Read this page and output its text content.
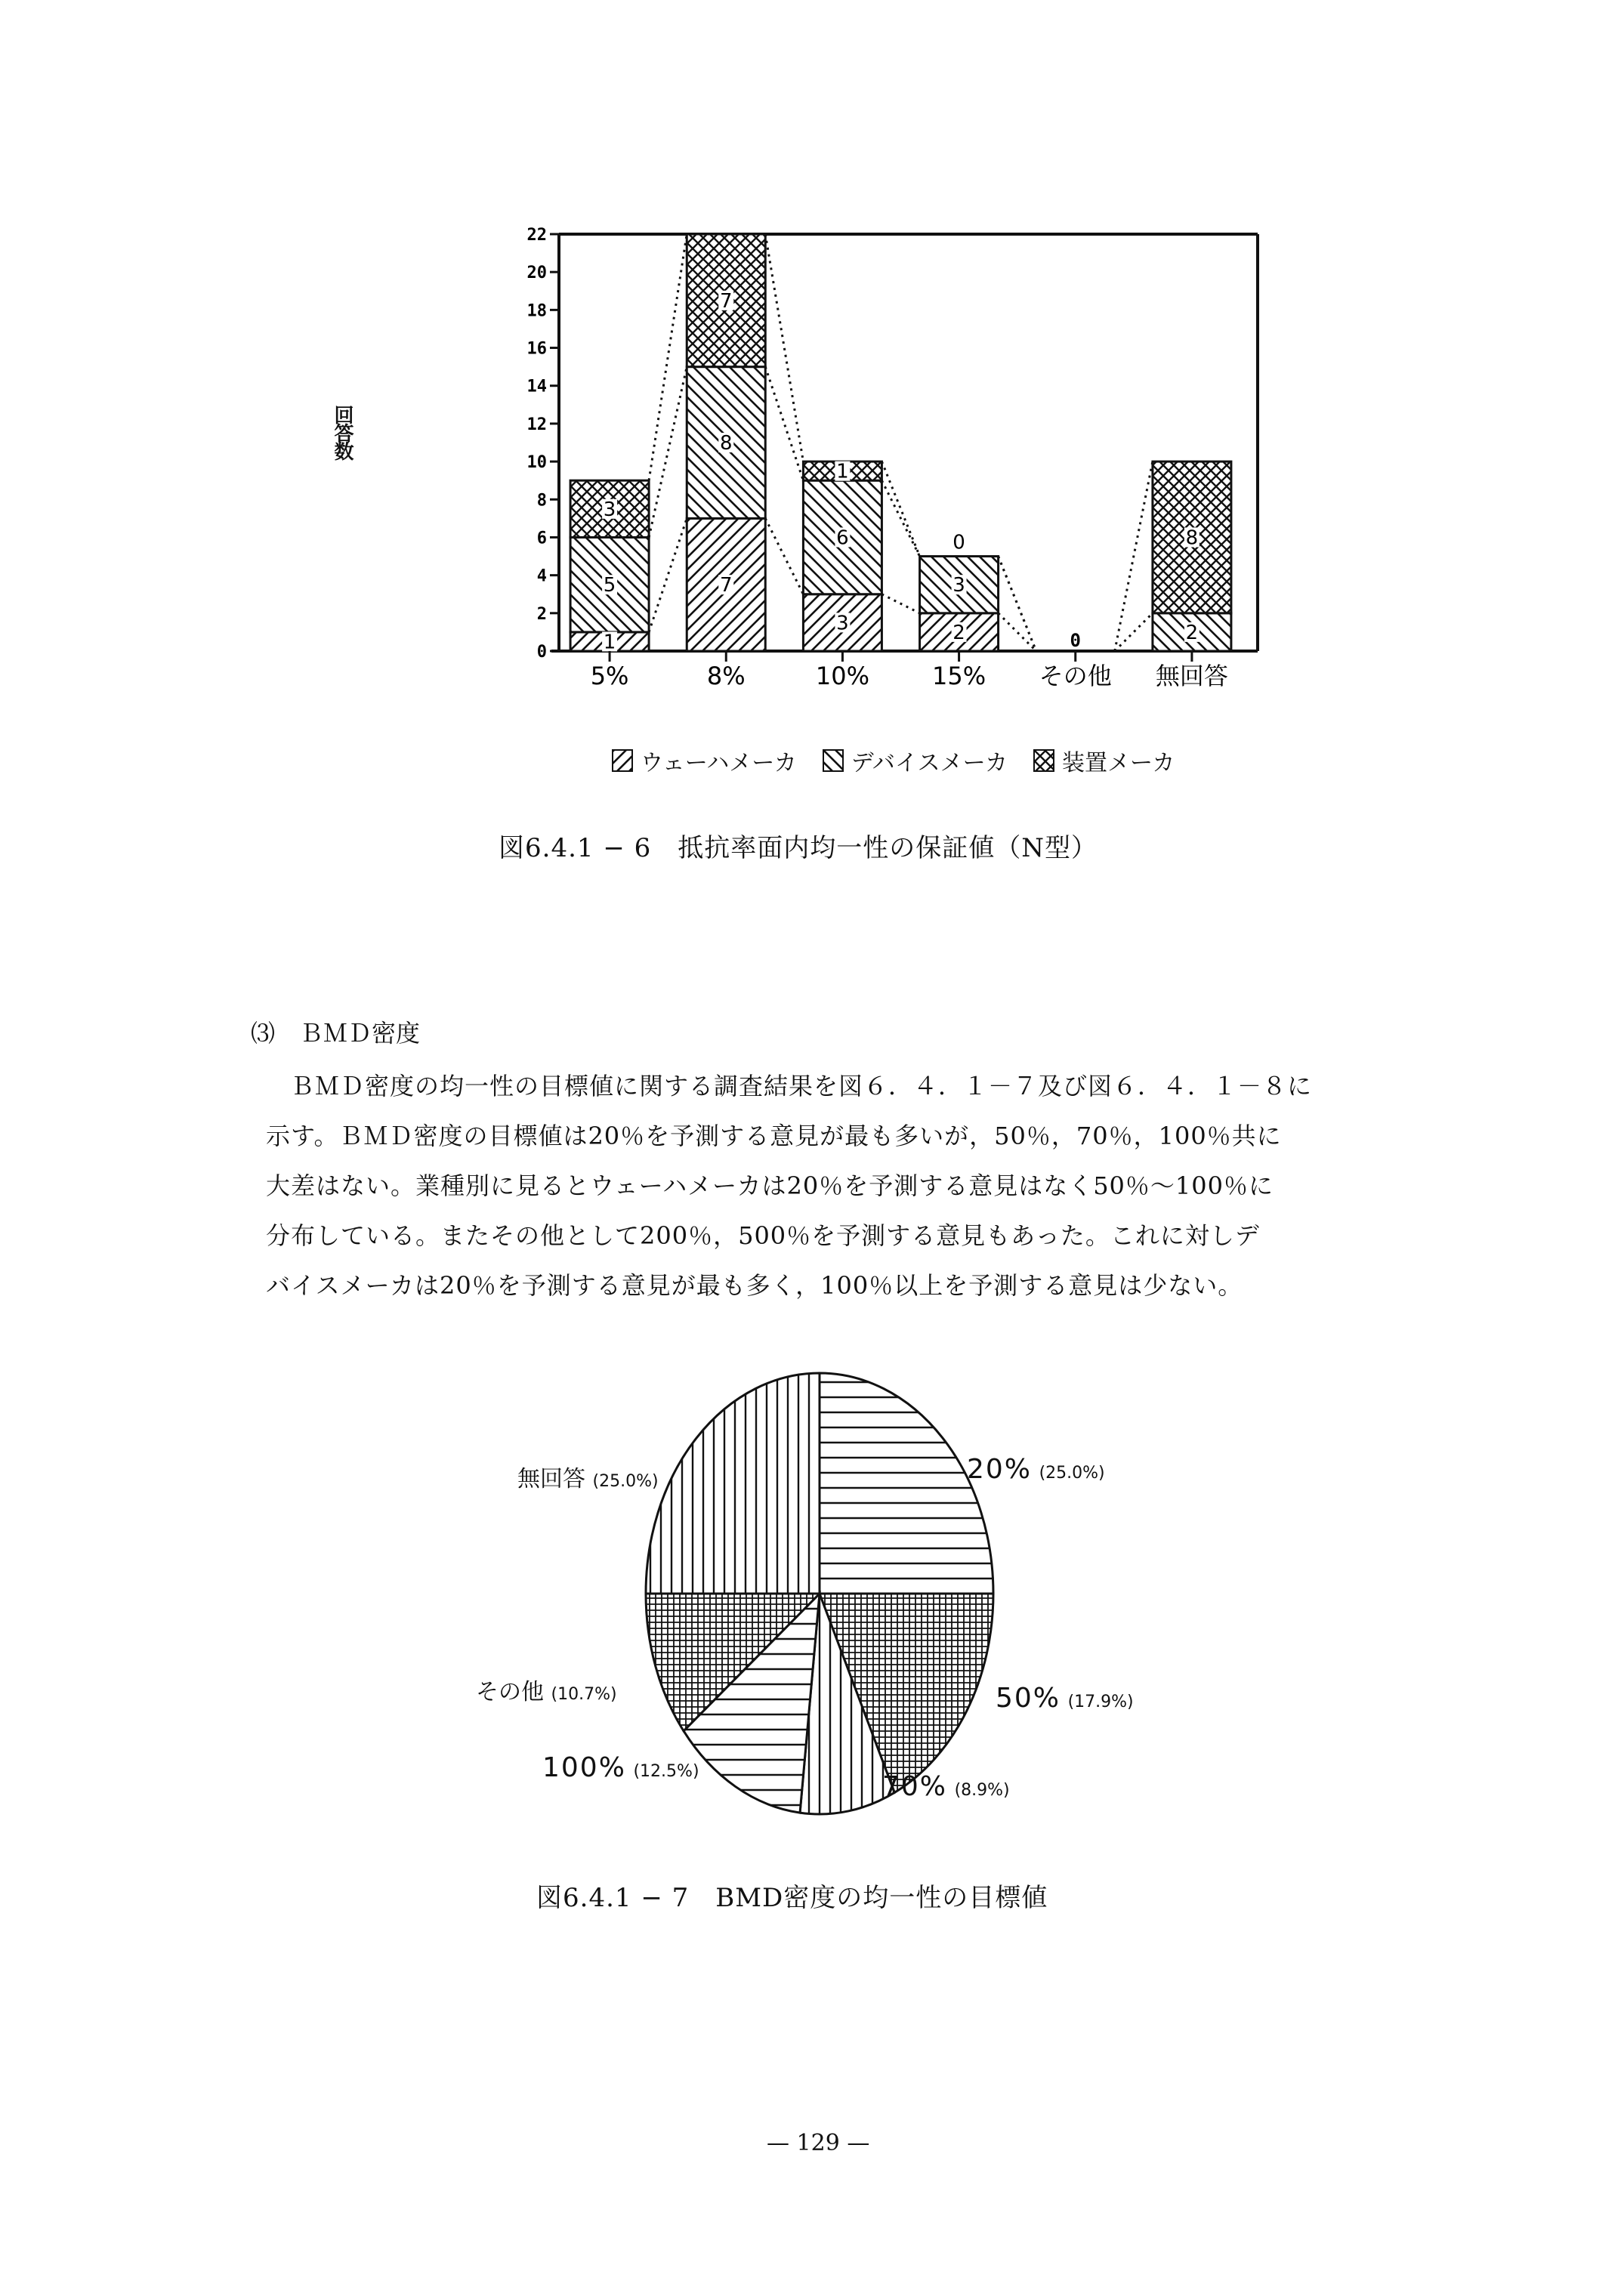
回答数
0
2
4
6
8
10
12
14
16
18
20
22
1
5
3
7
8
7
3
6
1
2
3
0
0	2
8
5%	8%	10%	15% その他 無回答
ウェーハメーカ デバイスメーカ 装置メーカ
図6.4.1 − 6　抵抗率面内均一性の保証値（N型）
⑶　ＢＭＤ密度
ＢＭＤ密度の均一性の目標値に関する調査結果を図６．４．１－７及び図６．４．１－８に
示す。ＢＭＤ密度の目標値は20％を予測する意見が最も多いが，50％，70％，100％共に
大差はない。業種別に見るとウェーハメーカは20％を予測する意見はなく50％～100％に
分布している。またその他として200％，500％を予測する意見もあった。これに対しデ
バイスメーカは20％を予測する意見が最も多く，100％以上を予測する意見は少ない。
20% (25.0%)
50% (17.9%)
70% (8.9%)
100% (12.5%)
その他 (10.7%)
無回答 (25.0%)
図6.4.1 − 7　BMD密度の均一性の目標値
— 129 —
